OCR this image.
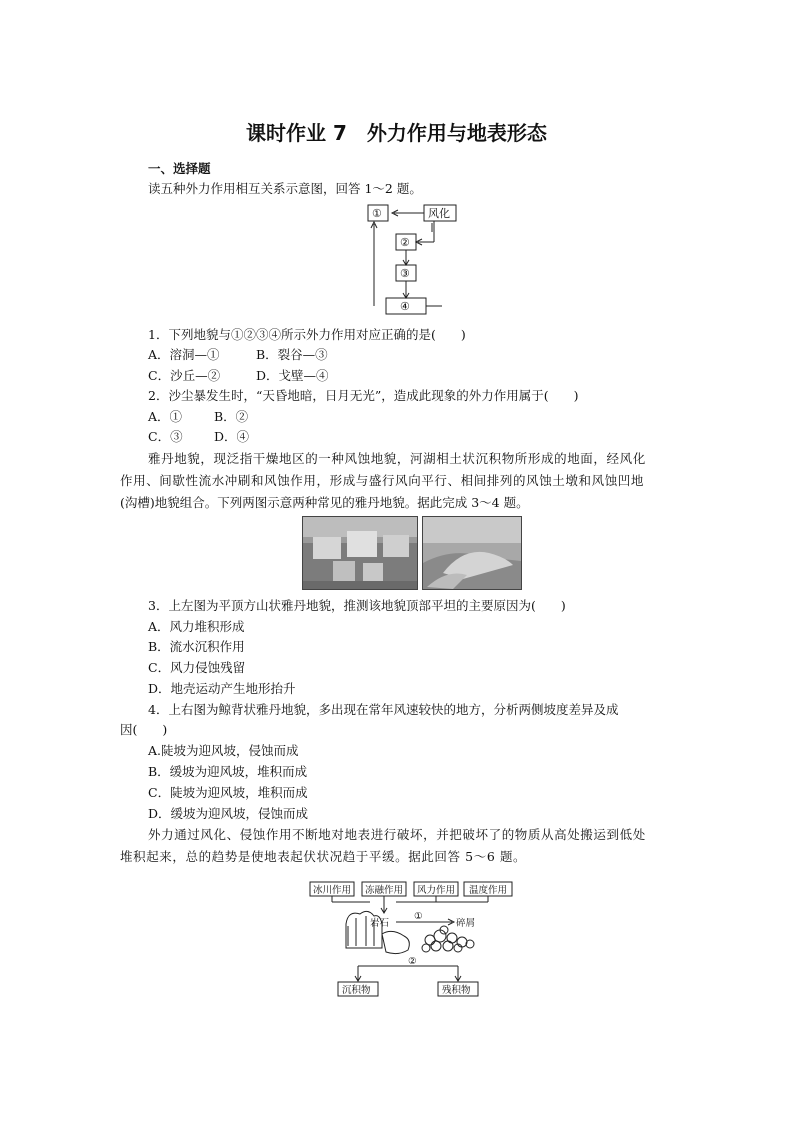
课时作业 7　外力作用与地表形态
一、选择题
读五种外力作用相互关系示意图，回答 1～2 题。
①	风化
②
③
④
1．下列地貌与①②③④所示外力作用对应正确的是(　　)
A．溶洞—①	B．裂谷—③
C．沙丘—②	D．戈壁—④
2．沙尘暴发生时，“天昏地暗，日月无光”，造成此现象的外力作用属于(　　)
A．①	B．②
C．③	D．④
雅丹地貌，现泛指干燥地区的一种风蚀地貌，河湖相土状沉积物所形成的地面，经风化
作用、间歇性流水冲刷和风蚀作用，形成与盛行风向平行、相间排列的风蚀土墩和风蚀凹地
(沟槽)地貌组合。下列两图示意两种常见的雅丹地貌。据此完成 3～4 题。
3．上左图为平顶方山状雅丹地貌，推测该地貌顶部平坦的主要原因为(　　)
A．风力堆积形成
B．流水沉积作用
C．风力侵蚀残留
D．地壳运动产生地形抬升
4．上右图为鲸背状雅丹地貌，多出现在常年风速较快的地方，分析两侧坡度差异及成
因(　　)
A.陡坡为迎风坡，侵蚀而成
B．缓坡为迎风坡，堆积而成
C．陡坡为迎风坡，堆积而成
D．缓坡为迎风坡，侵蚀而成
外力通过风化、侵蚀作用不断地对地表进行破坏，并把破坏了的物质从高处搬运到低处
堆积起来，总的趋势是使地表起伏状况趋于平缓。据此回答 5～6 题。
冰川作用 冻融作用 风力作用 温度作用
岩石
①
碎屑
②
沉积物	残积物
